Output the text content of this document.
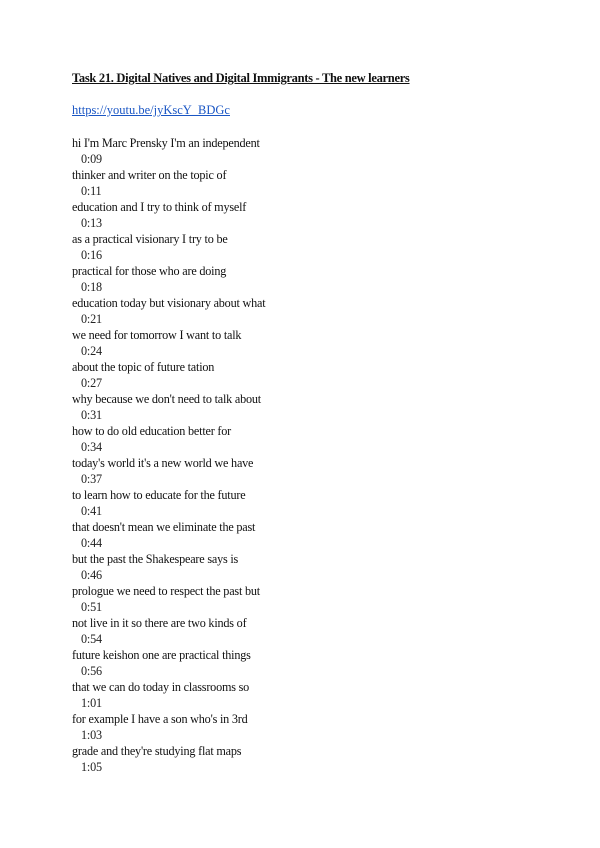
Task 21. Digital Natives and Digital Immigrants - The new learners
https://youtu.be/jyKscY_BDGc
hi I'm Marc Prensky I'm an independent
0:09
thinker and writer on the topic of
0:11
education and I try to think of myself
0:13
as a practical visionary I try to be
0:16
practical for those who are doing
0:18
education today but visionary about what
0:21
we need for tomorrow I want to talk
0:24
about the topic of future tation
0:27
why because we don't need to talk about
0:31
how to do old education better for
0:34
today's world it's a new world we have
0:37
to learn how to educate for the future
0:41
that doesn't mean we eliminate the past
0:44
but the past the Shakespeare says is
0:46
prologue we need to respect the past but
0:51
not live in it so there are two kinds of
0:54
future keishon one are practical things
0:56
that we can do today in classrooms so
1:01
for example I have a son who's in 3rd
1:03
grade and they're studying flat maps
1:05
